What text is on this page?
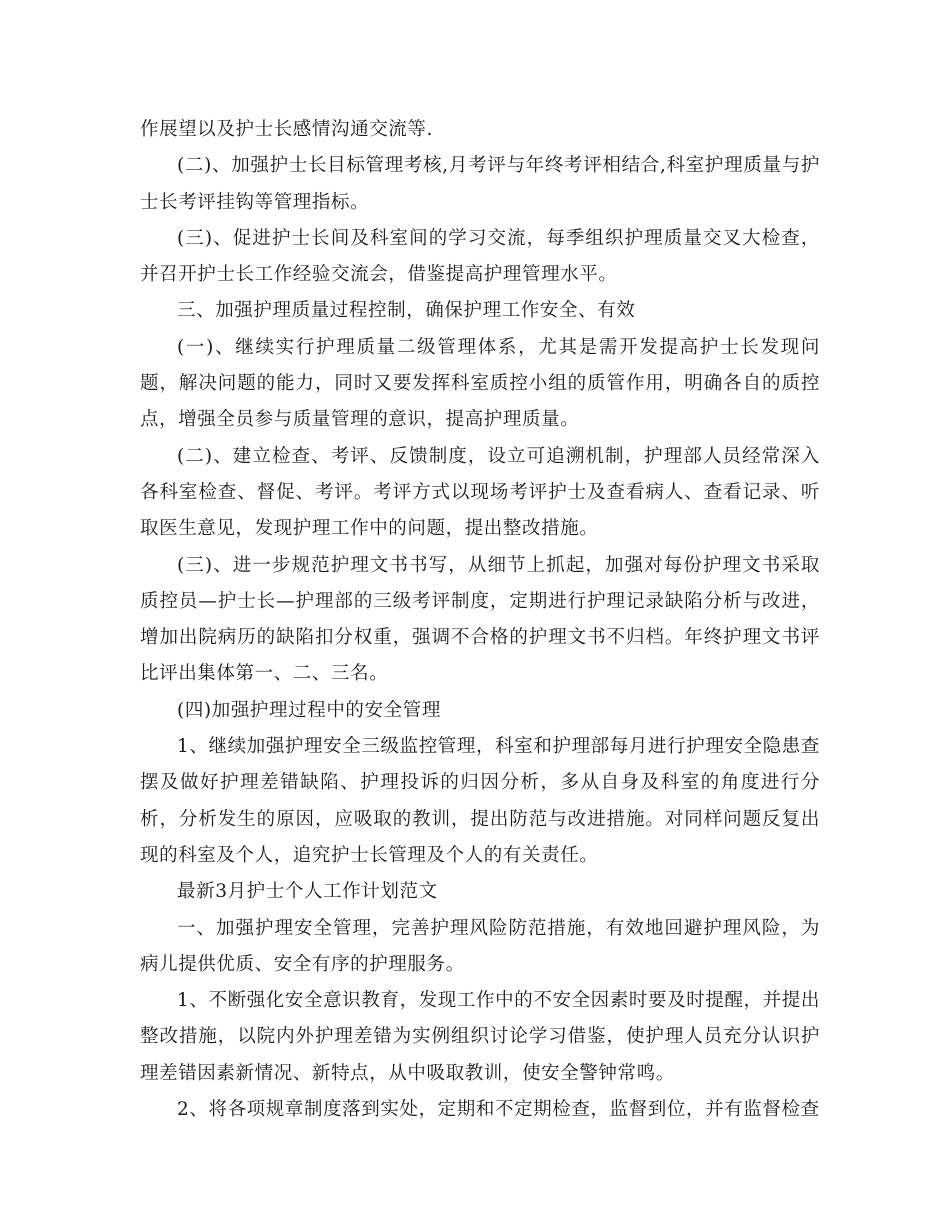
作展望以及护士长感情沟通交流等.

(二)、加强护士长目标管理考核,月考评与年终考评相结合,科室护理质量与护士长考评挂钩等管理指标。

(三)、促进护士长间及科室间的学习交流，每季组织护理质量交叉大检查，并召开护士长工作经验交流会，借鉴提高护理管理水平。

三、加强护理质量过程控制，确保护理工作安全、有效

(一)、继续实行护理质量二级管理体系，尤其是需开发提高护士长发现问题，解决问题的能力，同时又要发挥科室质控小组的质管作用，明确各自的质控点，增强全员参与质量管理的意识，提高护理质量。

(二)、建立检查、考评、反馈制度，设立可追溯机制，护理部人员经常深入各科室检查、督促、考评。考评方式以现场考评护士及查看病人、查看记录、听取医生意见，发现护理工作中的问题，提出整改措施。

(三)、进一步规范护理文书书写，从细节上抓起，加强对每份护理文书采取质控员—护士长—护理部的三级考评制度，定期进行护理记录缺陷分析与改进，增加出院病历的缺陷扣分权重，强调不合格的护理文书不归档。年终护理文书评比评出集体第一、二、三名。

(四)加强护理过程中的安全管理

1、继续加强护理安全三级监控管理，科室和护理部每月进行护理安全隐患查摆及做好护理差错缺陷、护理投诉的归因分析，多从自身及科室的角度进行分析，分析发生的原因，应吸取的教训，提出防范与改进措施。对同样问题反复出现的科室及个人，追究护士长管理及个人的有关责任。

最新3月护士个人工作计划范文

一、加强护理安全管理，完善护理风险防范措施，有效地回避护理风险，为病儿提供优质、安全有序的护理服务。

1、不断强化安全意识教育，发现工作中的不安全因素时要及时提醒，并提出整改措施，以院内外护理差错为实例组织讨论学习借鉴，使护理人员充分认识护理差错因素新情况、新特点，从中吸取教训，使安全警钟常鸣。

2、将各项规章制度落到实处，定期和不定期检查，监督到位，并有监督检查
